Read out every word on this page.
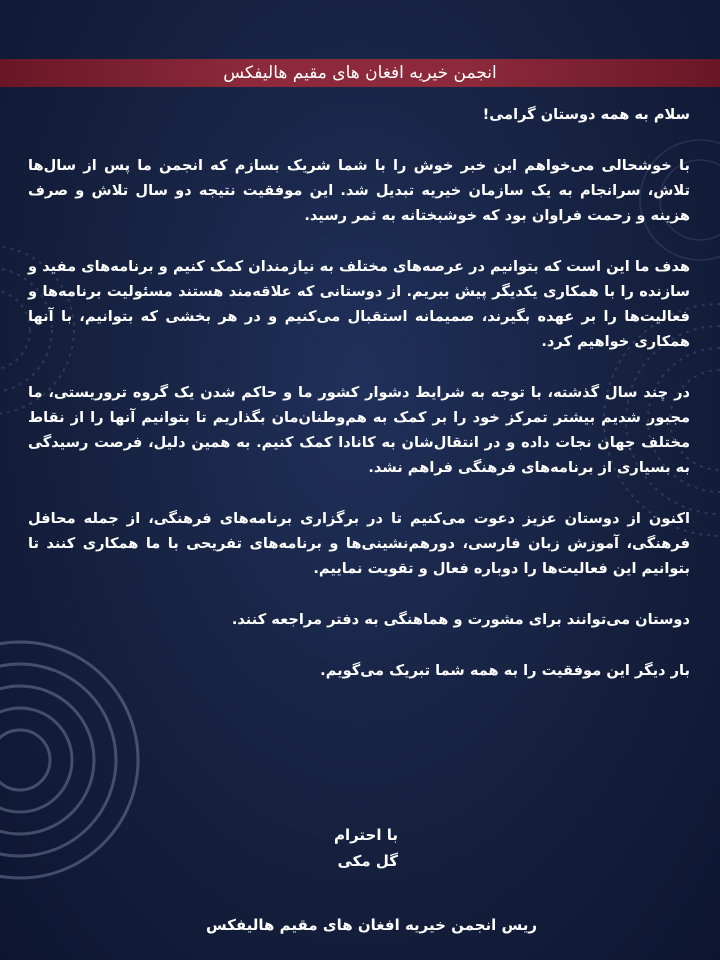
انجمن خیریه افغان های مقیم هالیفکس

سلام به همه دوستان گرامی!

با خوشحالی می‌خواهم این خبر خوش را با شما شریک بسازم که انجمن ما پس از سال‌ها تلاش، سرانجام به یک سازمان خیریه تبدیل شد. این موفقیت نتیجه دو سال تلاش و صرف هزینه و زحمت فراوان بود که خوشبختانه به ثمر رسید.

هدف ما این است که بتوانیم در عرصه‌های مختلف به نیازمندان کمک کنیم و برنامه‌های مفید و سازنده را با همکاری یکدیگر پیش ببریم. از دوستانی که علاقه‌مند هستند مسئولیت برنامه‌ها و فعالیت‌ها را بر عهده بگیرند، صمیمانه استقبال می‌کنیم و در هر بخشی که بتوانیم، با آنها همکاری خواهیم کرد.

در چند سال گذشته، با توجه به شرایط دشوار کشور ما و حاکم شدن یک گروه تروریستی، ما مجبور شدیم بیشتر تمرکز خود را بر کمک به هم‌وطنان‌مان بگذاریم تا بتوانیم آنها را از نقاط مختلف جهان نجات داده و در انتقال‌شان به کانادا کمک کنیم. به همین دلیل، فرصت رسیدگی به بسیاری از برنامه‌های فرهنگی فراهم نشد.

اکنون از دوستان عزیز دعوت می‌کنیم تا در برگزاری برنامه‌های فرهنگی، از جمله محافل فرهنگی، آموزش زبان فارسی، دورهم‌نشینی‌ها و برنامه‌های تفریحی با ما همکاری کنند تا بتوانیم این فعالیت‌ها را دوباره فعال و تقویت نماییم.

دوستان می‌توانند برای مشورت و هماهنگی به دفتر مراجعه کنند.

بار دیگر این موفقیت را به همه شما تبریک می‌گویم.

با احترام
گل مکی
ریس انجمن خیریه افغان های مقیم هالیفکس
